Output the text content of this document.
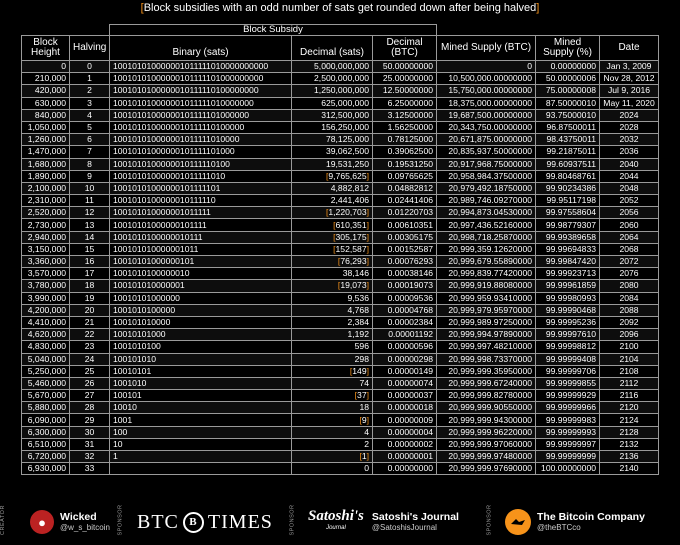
[Block subsidies with an odd number of sats get rounded down after being halved]
		Block Subsidy					
Block
Height	Halving	Binary (sats)	Decimal (sats)	Decimal
(BTC)	Mined Supply (BTC)	Mined
Supply (%)	Date
0	0	100101010000001011111010000000000	5,000,000,000	50.00000000	0	0.00000000	Jan 3, 2009
210,000	1	10010101000000101111101000000000	2,500,000,000	25.00000000	10,500,000.00000000	50.00000006	Nov 28, 2012
420,000	2	1001010100000010111110100000000	1,250,000,000	12.50000000	15,750,000.00000000	75.00000008	Jul 9, 2016
630,000	3	100101010000001011111010000000	625,000,000	6.25000000	18,375,000.00000000	87.50000010	May 11, 2020
840,000	4	10010101000000101111101000000	312,500,000	3.12500000	19,687,500.00000000	93.75000010	2024
1,050,000	5	1001010100000010111110100000	156,250,000	1.56250000	20,343,750.00000000	96.87500011	2028
1,260,000	6	100101010000001011111010000	78,125,000	0.78125000	20,671,875.00000000	98.43750011	2032
1,470,000	7	10010101000000101111101000	39,062,500	0.39062500	20,835,937.50000000	99.21875011	2036
1,680,000	8	1001010100000010111110100	19,531,250	0.19531250	20,917,968.75000000	99.60937511	2040
1,890,000	9	100101010000001011111010	[9,765,625]	0.09765625	20,958,984.37500000	99.80468761	2044
2,100,000	10	10010101000000101111101	4,882,812	0.04882812	20,979,492.18750000	99.90234386	2048
2,310,000	11	1001010100000010111110	2,441,406	0.02441406	20,989,746.09270000	99.95117198	2052
2,520,000	12	100101010000001011111	[1,220,703]	0.01220703	20,994,873.04530000	99.97558604	2056
2,730,000	13	10010101000000101111	[610,351]	0.00610351	20,997,436.52160000	99.98779307	2060
2,940,000	14	1001010100000010111	[305,175]	0.00305175	20,998,718.25870000	99.99389658	2064
3,150,000	15	100101010000001011	[152,587]	0.00152587	20,999,359.12620000	99.99694833	2068
3,360,000	16	10010101000000101	[76,293]	0.00076293	20,999,679.55890000	99.99847420	2072
3,570,000	17	1001010100000010	38,146	0.00038146	20,999,839.77420000	99.99923713	2076
3,780,000	18	100101010000001	[19,073]	0.00019073	20,999,919.88080000	99.99961859	2080
3,990,000	19	10010101000000	9,536	0.00009536	20,999,959.93410000	99.99980993	2084
4,200,000	20	1001010100000	4,768	0.00004768	20,999,979.95970000	99.99990468	2088
4,410,000	21	100101010000	2,384	0.00002384	20,999,989.97250000	99.99995236	2092
4,620,000	22	10010101000	1,192	0.00001192	20,999,994.97890000	99.99997610	2096
4,830,000	23	1001010100	596	0.00000596	20,999,997.48210000	99.99998812	2100
5,040,000	24	100101010	298	0.00000298	20,999,998.73370000	99.99999408	2104
5,250,000	25	10010101	[149]	0.00000149	20,999,999.35950000	99.99999706	2108
5,460,000	26	1001010	74	0.00000074	20,999,999.67240000	99.99999855	2112
5,670,000	27	100101	[37]	0.00000037	20,999,999.82780000	99.99999929	2116
5,880,000	28	10010	18	0.00000018	20,999,999.90550000	99.99999966	2120
6,090,000	29	1001	[9]	0.00000009	20,999,999.94300000	99.99999983	2124
6,300,000	30	100	4	0.00000004	20,999,999.96220000	99.99999993	2128
6,510,000	31	10	2	0.00000002	20,999,999.97060000	99.99999997	2132
6,720,000	32	1	[1]	0.00000001	20,999,999.97480000	99.99999999	2136
6,930,000	33		0	0.00000000	20,999,999.97690000	100.00000000	2140
CREATOR	●	Wicked
@w_s_bitcoin SPONSOR BTC B TIMES	SPONSOR Satoshi's
Journal
Satoshi's Journal
@SatoshisJournal	SPONSOR	The Bitcoin Company
@theBTCco
